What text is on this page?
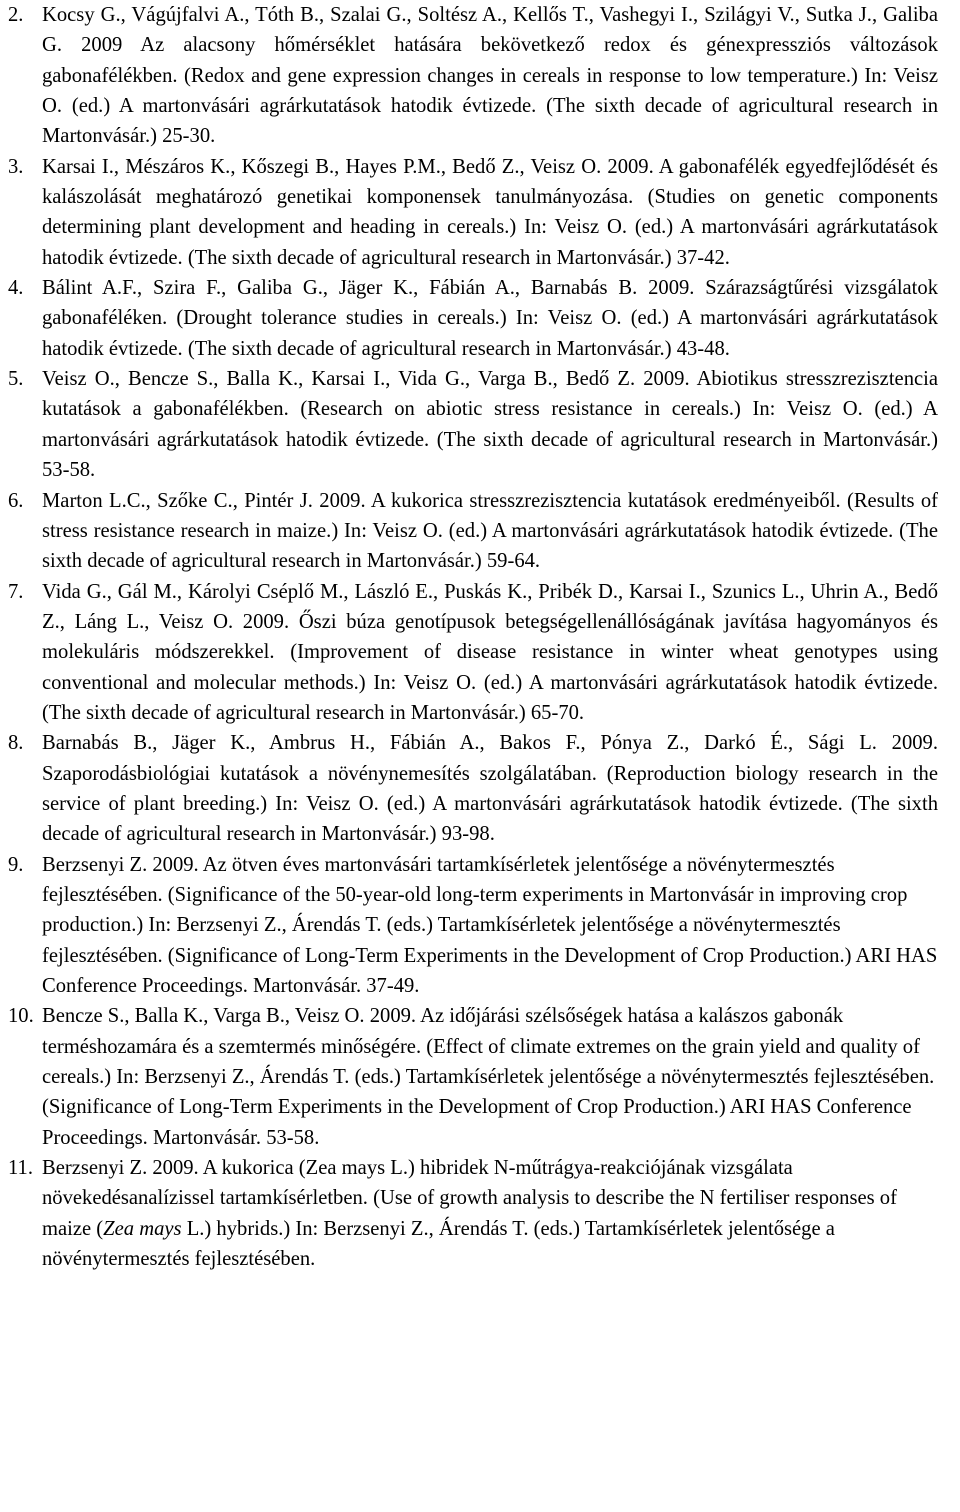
2. Kocsy G., Vágújfalvi A., Tóth B., Szalai G., Soltész A., Kellős T., Vashegyi I., Szilágyi V., Sutka J., Galiba G. 2009 Az alacsony hőmérséklet hatására bekövetkező redox és génexpressziós változások gabonafélékben. (Redox and gene expression changes in cereals in response to low temperature.) In: Veisz O. (ed.) A martonvásári agrárkutatások hatodik évtizede. (The sixth decade of agricultural research in Martonvásár.) 25-30.

3. Karsai I., Mészáros K., Kőszegi B., Hayes P.M., Bedő Z., Veisz O. 2009. A gabonafélék egyedfejlődését és kalászolását meghatározó genetikai komponensek tanulmányozása. (Studies on genetic components determining plant development and heading in cereals.) In: Veisz O. (ed.) A martonvásári agrárkutatások hatodik évtizede. (The sixth decade of agricultural research in Martonvásár.) 37-42.

4. Bálint A.F., Szira F., Galiba G., Jäger K., Fábián A., Barnabás B. 2009. Szárazságtűrési vizsgálatok gabonaféléken. (Drought tolerance studies in cereals.) In: Veisz O. (ed.) A martonvásári agrárkutatások hatodik évtizede. (The sixth decade of agricultural research in Martonvásár.) 43-48.

5. Veisz O., Bencze S., Balla K., Karsai I., Vida G., Varga B., Bedő Z. 2009. Abiotikus stresszrezisztencia kutatások a gabonafélékben. (Research on abiotic stress resistance in cereals.) In: Veisz O. (ed.) A martonvásári agrárkutatások hatodik évtizede. (The sixth decade of agricultural research in Martonvásár.) 53-58.

6. Marton L.C., Szőke C., Pintér J. 2009. A kukorica stresszrezisztencia kutatások eredményeiből. (Results of stress resistance research in maize.) In: Veisz O. (ed.) A martonvásári agrárkutatások hatodik évtizede. (The sixth decade of agricultural research in Martonvásár.) 59-64.

7. Vida G., Gál M., Károlyi Cséplő M., László E., Puskás K., Pribék D., Karsai I., Szunics L., Uhrin A., Bedő Z., Láng L., Veisz O. 2009. Őszi búza genotípusok betegségellenállóságának javítása hagyományos és molekuláris módszerekkel. (Improvement of disease resistance in winter wheat genotypes using conventional and molecular methods.) In: Veisz O. (ed.) A martonvásári agrárkutatások hatodik évtizede. (The sixth decade of agricultural research in Martonvásár.) 65-70.

8. Barnabás B., Jäger K., Ambrus H., Fábián A., Bakos F., Pónya Z., Darkó É., Sági L. 2009. Szaporodásbiológiai kutatások a növénynemesítés szolgálatában. (Reproduction biology research in the service of plant breeding.) In: Veisz O. (ed.) A martonvásári agrárkutatások hatodik évtizede. (The sixth decade of agricultural research in Martonvásár.) 93-98.

9. Berzsenyi Z. 2009. Az ötven éves martonvásári tartamkísérletek jelentősége a növénytermesztés fejlesztésében. (Significance of the 50-year-old long-term experiments in Martonvásár in improving crop production.) In: Berzsenyi Z., Árendás T. (eds.) Tartamkísérletek jelentősége a növénytermesztés fejlesztésében. (Significance of Long-Term Experiments in the Development of Crop Production.) ARI HAS Conference Proceedings. Martonvásár. 37-49.

10. Bencze S., Balla K., Varga B., Veisz O. 2009. Az időjárási szélsőségek hatása a kalászos gabonák terméshozamára és a szemtermés minőségére. (Effect of climate extremes on the grain yield and quality of cereals.) In: Berzsenyi Z., Árendás T. (eds.) Tartamkísérletek jelentősége a növénytermesztés fejlesztésében. (Significance of Long-Term Experiments in the Development of Crop Production.) ARI HAS Conference Proceedings. Martonvásár. 53-58.

11. Berzsenyi Z. 2009. A kukorica (Zea mays L.) hibridek N-műtrágya-reakciójának vizsgálata növekedésanalízissel tartamkísérletben. (Use of growth analysis to describe the N fertiliser responses of maize (Zea mays L.) hybrids.) In: Berzsenyi Z., Árendás T. (eds.) Tartamkísérletek jelentősége a növénytermesztés fejlesztésében.
